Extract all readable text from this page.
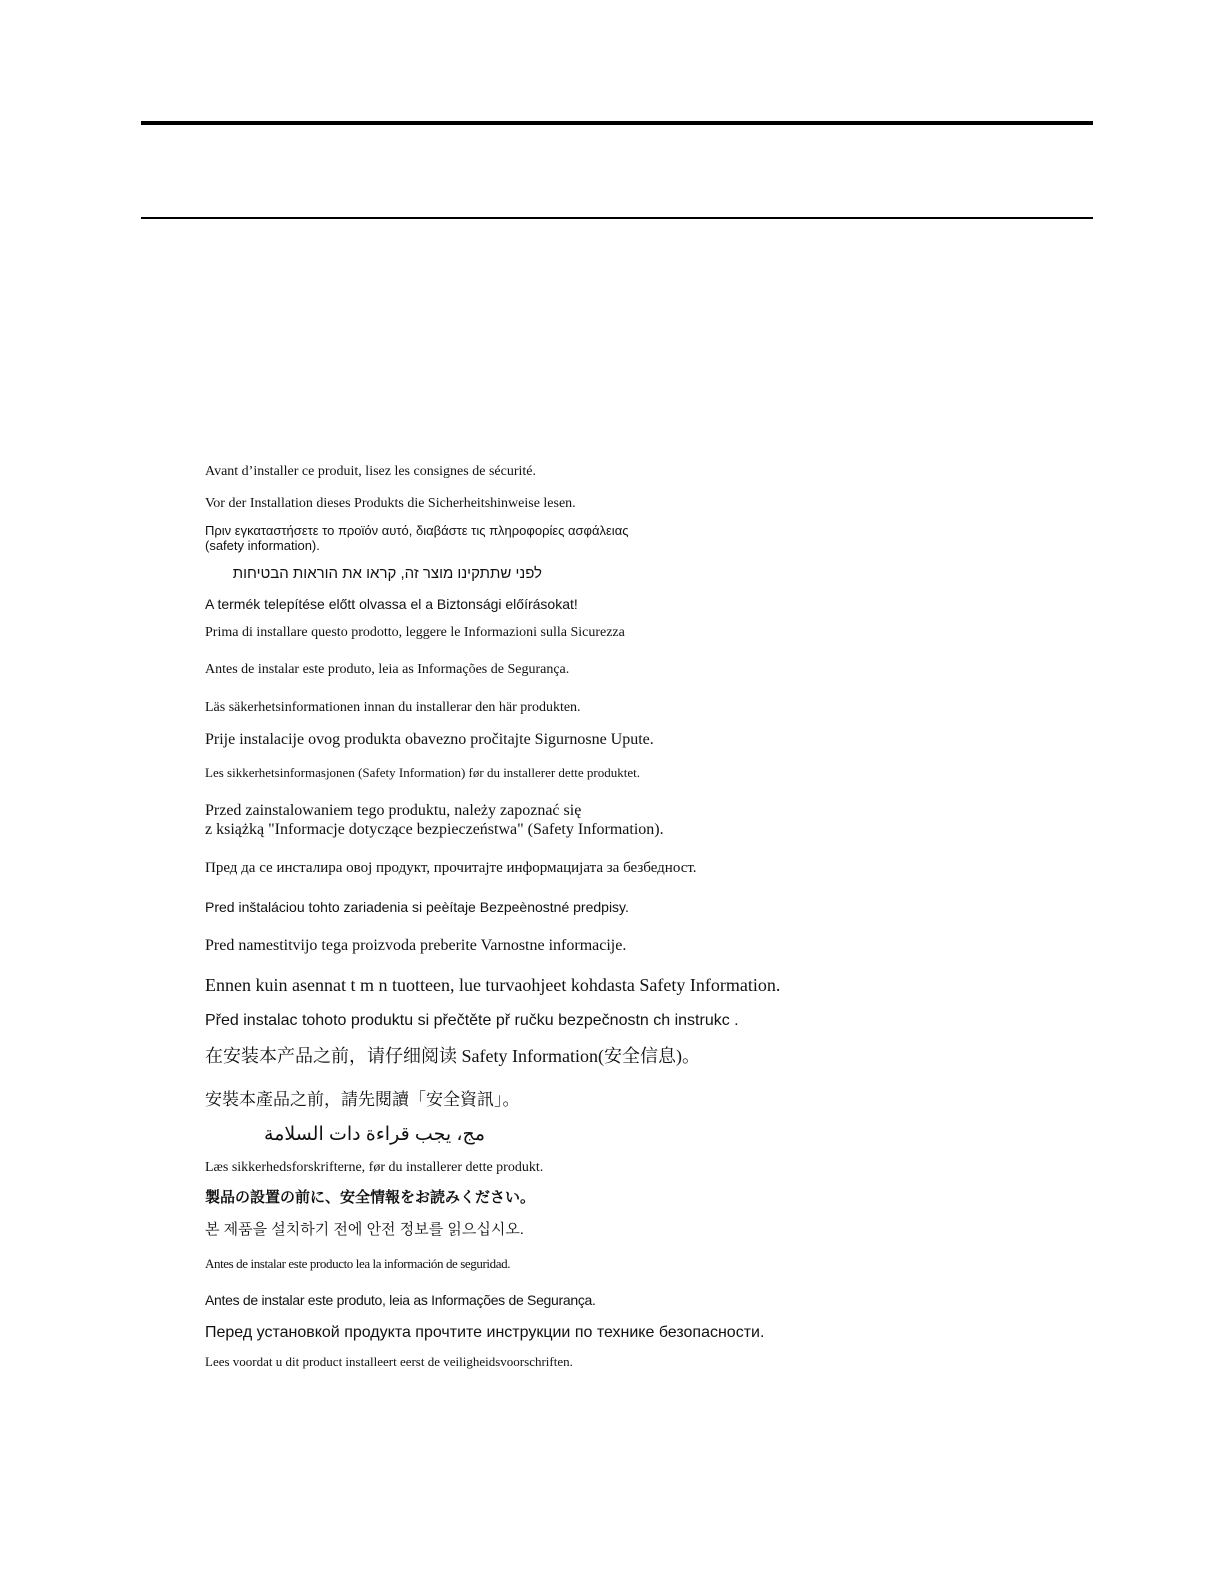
Avant d’installer ce produit, lisez les consignes de sécurité.
Vor der Installation dieses Produkts die Sicherheitshinweise lesen.
Πριν εγκαταστήσετε το προϊόν αυτό, διαβάστε τις πληροφορίες ασφάλειας
(safety information).
לפני שתתקינו מוצר זה, קראו את הוראות הבטיחות
A termék telepítése előtt olvassa el a Biztonsági előírásokat!
Prima di installare questo prodotto, leggere le Informazioni sulla Sicurezza
Antes de instalar este produto, leia as Informações de Segurança.
Läs säkerhetsinformationen innan du installerar den här produkten.
Prije instalacije ovog produkta obavezno pročitajte Sigurnosne Upute.
Les sikkerhetsinformasjonen (Safety Information) før du installerer dette produktet.
Przed zainstalowaniem tego produktu, należy zapoznać się
z książką "Informacje dotyczące bezpieczeństwa" (Safety Information).
Пред да се инсталира овој продукт, прочитајте информацијата за безбедност.
Pred inštaláciou tohto zariadenia si peèítaje Bezpeènostné predpisy.
Pred namestitvijo tega proizvoda preberite Varnostne informacije.
Ennen kuin asennat t m n tuotteen, lue turvaohjeet kohdasta Safety Information.
Před instalac tohoto produktu si přečtěte př ručku bezpečnostn ch instrukc .
在安装本产品之前，请仔细阅读 Safety Information(安全信息)。
安裝本產品之前，請先閱讀「安全資訊」。
مج، يجب قراءة دات السلامة
Læs sikkerhedsforskrifterne, før du installerer dette produkt.
製品の設置の前に、安全情報をお読みください。
본 제품을 설치하기 전에 안전 정보를 읽으십시오.
Antes de instalar este producto lea la información de seguridad.
Antes de instalar este produto, leia as Informações de Segurança.
Перед установкой продукта прочтите инструкции по технике безопасности.
Lees voordat u dit product installeert eerst de veiligheidsvoorschriften.
